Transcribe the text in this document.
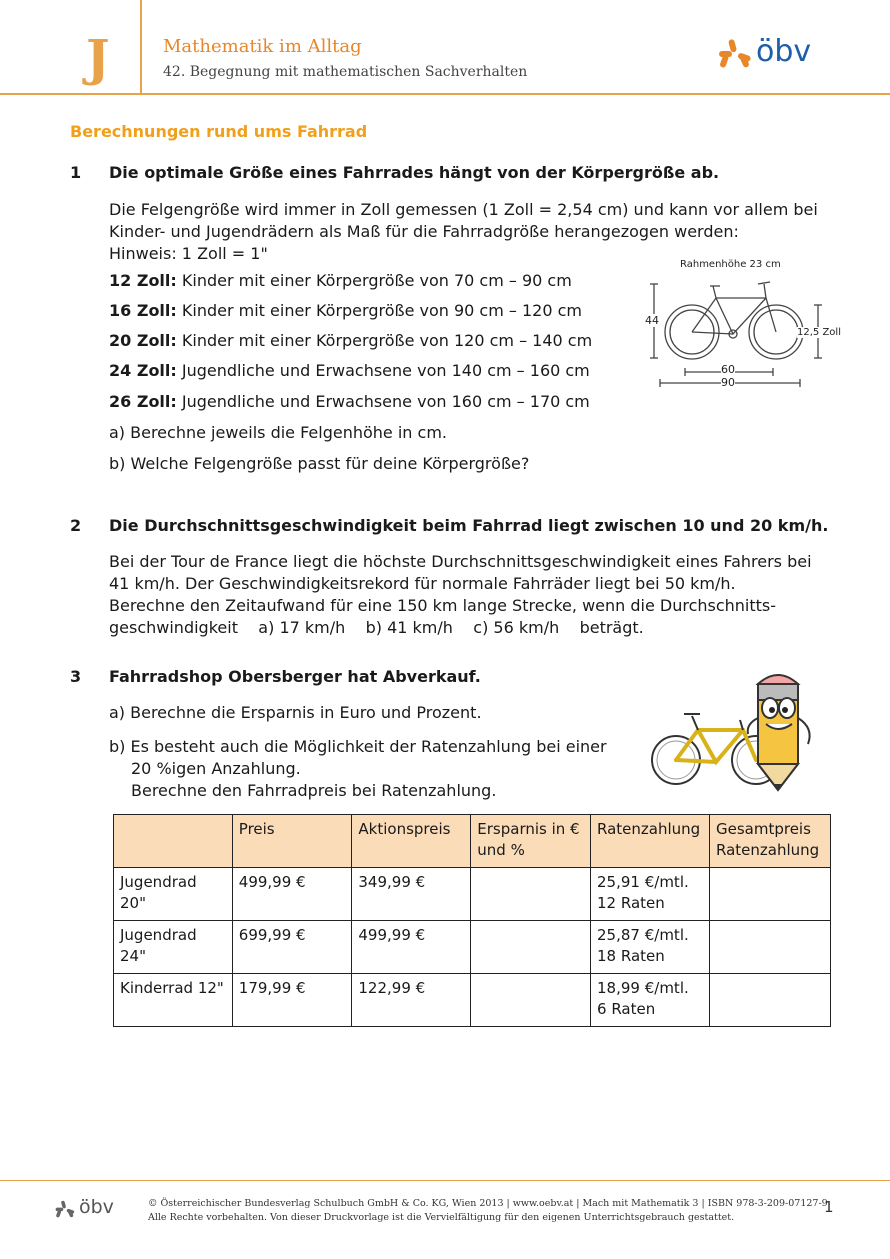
J	Mathematik im Alltag
42. Begegnung mit mathematischen Sachverhalten
öbv
Berechnungen rund ums Fahrrad
1 Die optimale Größe eines Fahrrades hängt von der Körpergröße ab.
Die Felgengröße wird immer in Zoll gemessen (1 Zoll = 2,54 cm) und kann vor allem bei
Kinder- und Jugendrädern als Maß für die Fahrradgröße herangezogen werden:
Hinweis: 1 Zoll = 1"
12 Zoll: Kinder mit einer Körpergröße von 70 cm – 90 cm
16 Zoll: Kinder mit einer Körpergröße von 90 cm – 120 cm
20 Zoll: Kinder mit einer Körpergröße von 120 cm – 140 cm
24 Zoll: Jugendliche und Erwachsene von 140 cm – 160 cm
26 Zoll: Jugendliche und Erwachsene von 160 cm – 170 cm
a) Berechne jeweils die Felgenhöhe in cm.
b) Welche Felgengröße passt für deine Körpergröße?
Rahmenhöhe 23 cm
44
12,5 Zoll
60
90
2 Die Durchschnittsgeschwindigkeit beim Fahrrad liegt zwischen 10 und 20 km/h.
Bei der Tour de France liegt die höchste Durchschnittsgeschwindigkeit eines Fahrers bei
41 km/h. Der Geschwindigkeitsrekord für normale Fahrräder liegt bei 50 km/h.
Berechne den Zeitaufwand für eine 150 km lange Strecke, wenn die Durchschnitts-
geschwindigkeit    a) 17 km/h    b) 41 km/h    c) 56 km/h    beträgt.
3 Fahrradshop Obersberger hat Abverkauf.
a) Berechne die Ersparnis in Euro und Prozent.
b) Es besteht auch die Möglichkeit der Ratenzahlung bei einer
20 %igen Anzahlung.
Berechne den Fahrradpreis bei Ratenzahlung.
	Preis	Aktionspreis	Ersparnis in € und %	Ratenzahlung	Gesamtpreis Ratenzahlung
Jugendrad 20"	499,99 €	349,99 €		25,91 €/mtl.
12 Raten	

Jugendrad 24"	699,99 €	499,99 €		25,87 €/mtl.
18 Raten	

Kinderrad 12"	179,99 €	122,99 €		18,99 €/mtl.
6 Raten	

öbv	© Österreichischer Bundesverlag Schulbuch GmbH & Co. KG, Wien 2013 | www.oebv.at | Mach mit Mathematik 3 | ISBN 978-3-209-07127-9
Alle Rechte vorbehalten. Von dieser Druckvorlage ist die Vervielfältigung für den eigenen Unterrichtsgebrauch gestattet.
1
